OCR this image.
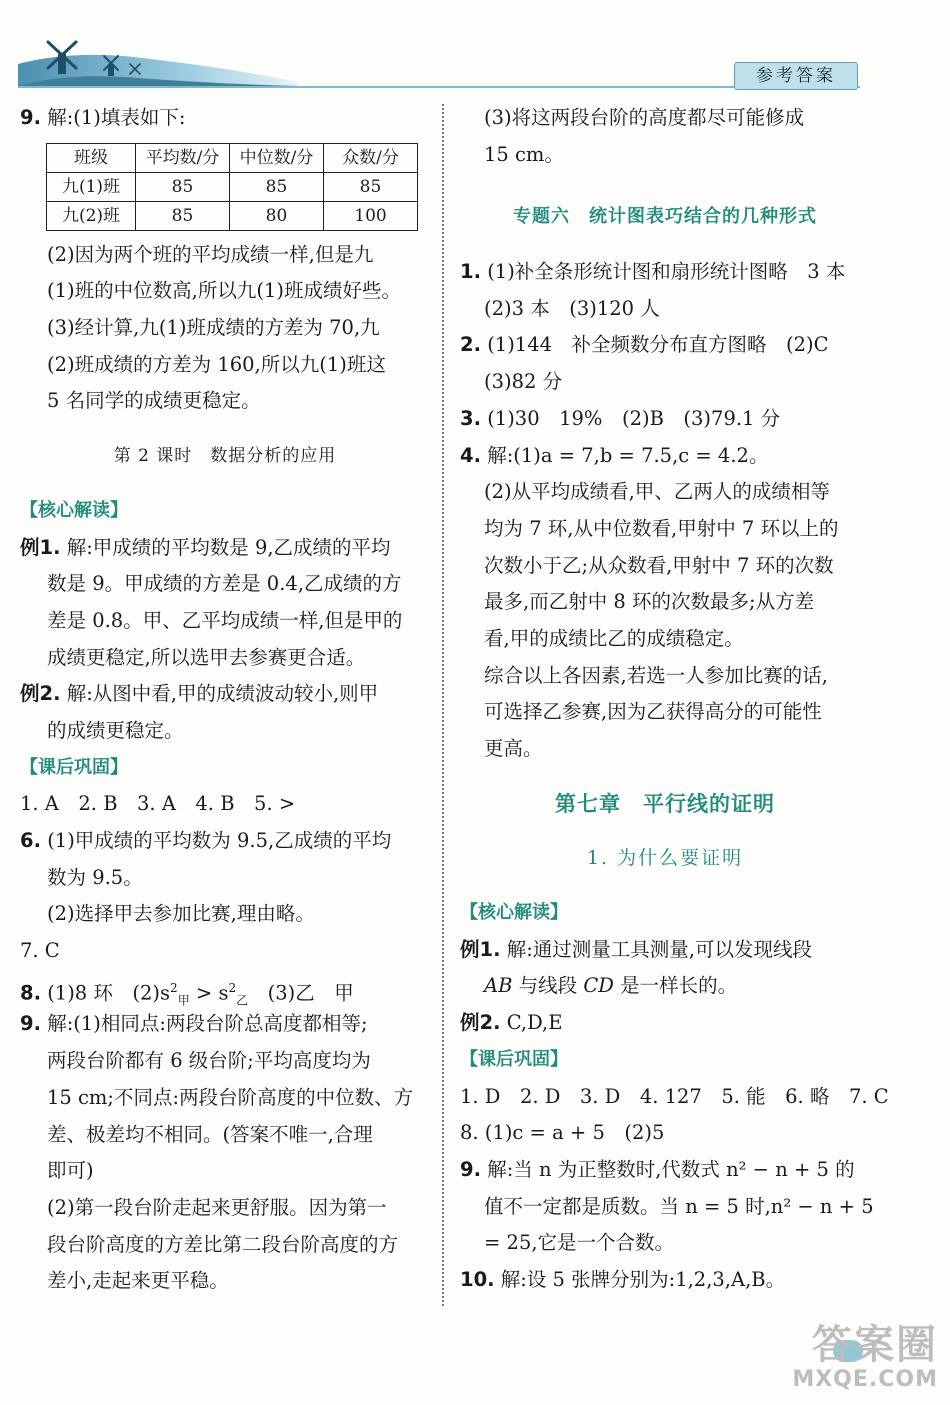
参考答案
9. 解:(1)填表如下:
班级	平均数/分	中位数/分	众数/分
九(1)班	85	85	85
九(2)班	85	80	100
(2)因为两个班的平均成绩一样,但是九
(1)班的中位数高,所以九(1)班成绩好些。
(3)经计算,九(1)班成绩的方差为 70,九
(2)班成绩的方差为 160,所以九(1)班这
5 名同学的成绩更稳定。
第 2 课时　数据分析的应用
【核心解读】
例1. 解:甲成绩的平均数是 9,乙成绩的平均
数是 9。甲成绩的方差是 0.4,乙成绩的方
差是 0.8。甲、乙平均成绩一样,但是甲的
成绩更稳定,所以选甲去参赛更合适。
例2. 解:从图中看,甲的成绩波动较小,则甲
的成绩更稳定。
【课后巩固】
1. A　2. B　3. A　4. B　5. >
6. (1)甲成绩的平均数为 9.5,乙成绩的平均
数为 9.5。
(2)选择甲去参加比赛,理由略。
7. C
8. (1)8 环　$(2)s^2_甲 > s^2_乙$　(3)乙　甲
9. 解:(1)相同点:两段台阶总高度都相等;
两段台阶都有 6 级台阶;平均高度均为
15 cm;不同点:两段台阶高度的中位数、方
差、极差均不相同。(答案不唯一,合理
即可)
(2)第一段台阶走起来更舒服。因为第一
段台阶高度的方差比第二段台阶高度的方
差小,走起来更平稳。
(3)将这两段台阶的高度都尽可能修成
15 cm。
专题六　统计图表巧结合的几种形式
1. (1)补全条形统计图和扇形统计图略　3 本
(2)3 本　(3)120 人
2. (1)144　补全频数分布直方图略　(2)C
(3)82 分
3. (1)30　19%　(2)B　(3)79.1 分
4. 解:(1)a = 7,b = 7.5,c = 4.2。
(2)从平均成绩看,甲、乙两人的成绩相等
均为 7 环,从中位数看,甲射中 7 环以上的
次数小于乙;从众数看,甲射中 7 环的次数
最多,而乙射中 8 环的次数最多;从方差
看,甲的成绩比乙的成绩稳定。
综合以上各因素,若选一人参加比赛的话,
可选择乙参赛,因为乙获得高分的可能性
更高。
第七章　平行线的证明
1. 为什么要证明
【核心解读】
例1. 解:通过测量工具测量,可以发现线段
AB 与线段 CD 是一样长的。
例2. C,D,E
【课后巩固】
1. D　2. D　3. D　4. 127　5. 能　6. 略　7. C
8. (1)c = a + 5　(2)5
9. 解:当 n 为正整数时,代数式 n² − n + 5 的
值不一定都是质数。当 n = 5 时,n² − n + 5
= 25,它是一个合数。
10. 解:设 5 张牌分别为:1,2,3,A,B。
答案圈
MXQE.COM
